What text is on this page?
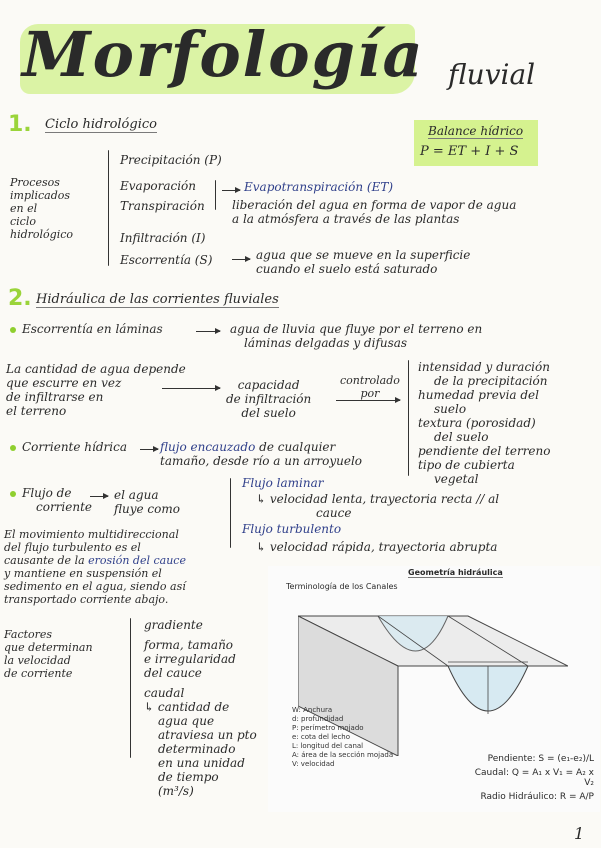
Morfología fluvial
1. Ciclo hidrológico	Balance hídrico
P = ET + I + S
Procesos
implicados
en el
ciclo
hidrológico
Precipitación (P)
Evaporación
Transpiración
Infiltración (I)
Escorrentía (S)
Evapotranspiración (ET)
liberación del agua en forma de vapor de agua
a la atmósfera a través de las plantas
agua que se mueve en la superficie
cuando el suelo está saturado
2. Hidráulica de las corrientes fluviales
Escorrentía en láminas	agua de lluvia que fluye por el terreno en
láminas delgadas y difusas
La cantidad de agua depende
que escurre en vez
de infiltrarse en
el terreno
capacidad
de infiltración
del suelo
controlado
por
intensidad y duración
de la precipitación
humedad previa del
suelo
textura (porosidad)
del suelo
pendiente del terreno
tipo de cubierta
vegetal
Corriente hídrica	flujo encauzado de cualquier
tamaño, desde río a un arroyuelo
Flujo de
corriente
el agua
fluye como
Flujo laminar
↳ velocidad lenta, trayectoria recta // al
cauce
Flujo turbulento
↳ velocidad rápida, trayectoria abrupta
El movimiento multidireccional
del flujo turbulento es el
causante de la erosión del cauce
y mantiene en suspensión el
sedimento en el agua, siendo así
transportado corriente abajo.
Factores
que determinan
la velocidad
de corriente
gradiente
forma, tamaño
e irregularidad
del cauce
caudal
↳ cantidad de
agua que
atraviesa un pto
determinado
en una unidad
de tiempo
(m³/s)
Geometría hidráulica
Terminología de los Canales
W: Anchura
d: profundidad
P: perímetro mojado
e: cota del lecho
L: longitud del canal
A: área de la sección mojada
V: velocidad	Pendiente: S = (e₁-e₂)/L
Caudal: Q = A₁ x V₁ = A₂ x V₂
Radio Hidráulico: R = A/P
1
